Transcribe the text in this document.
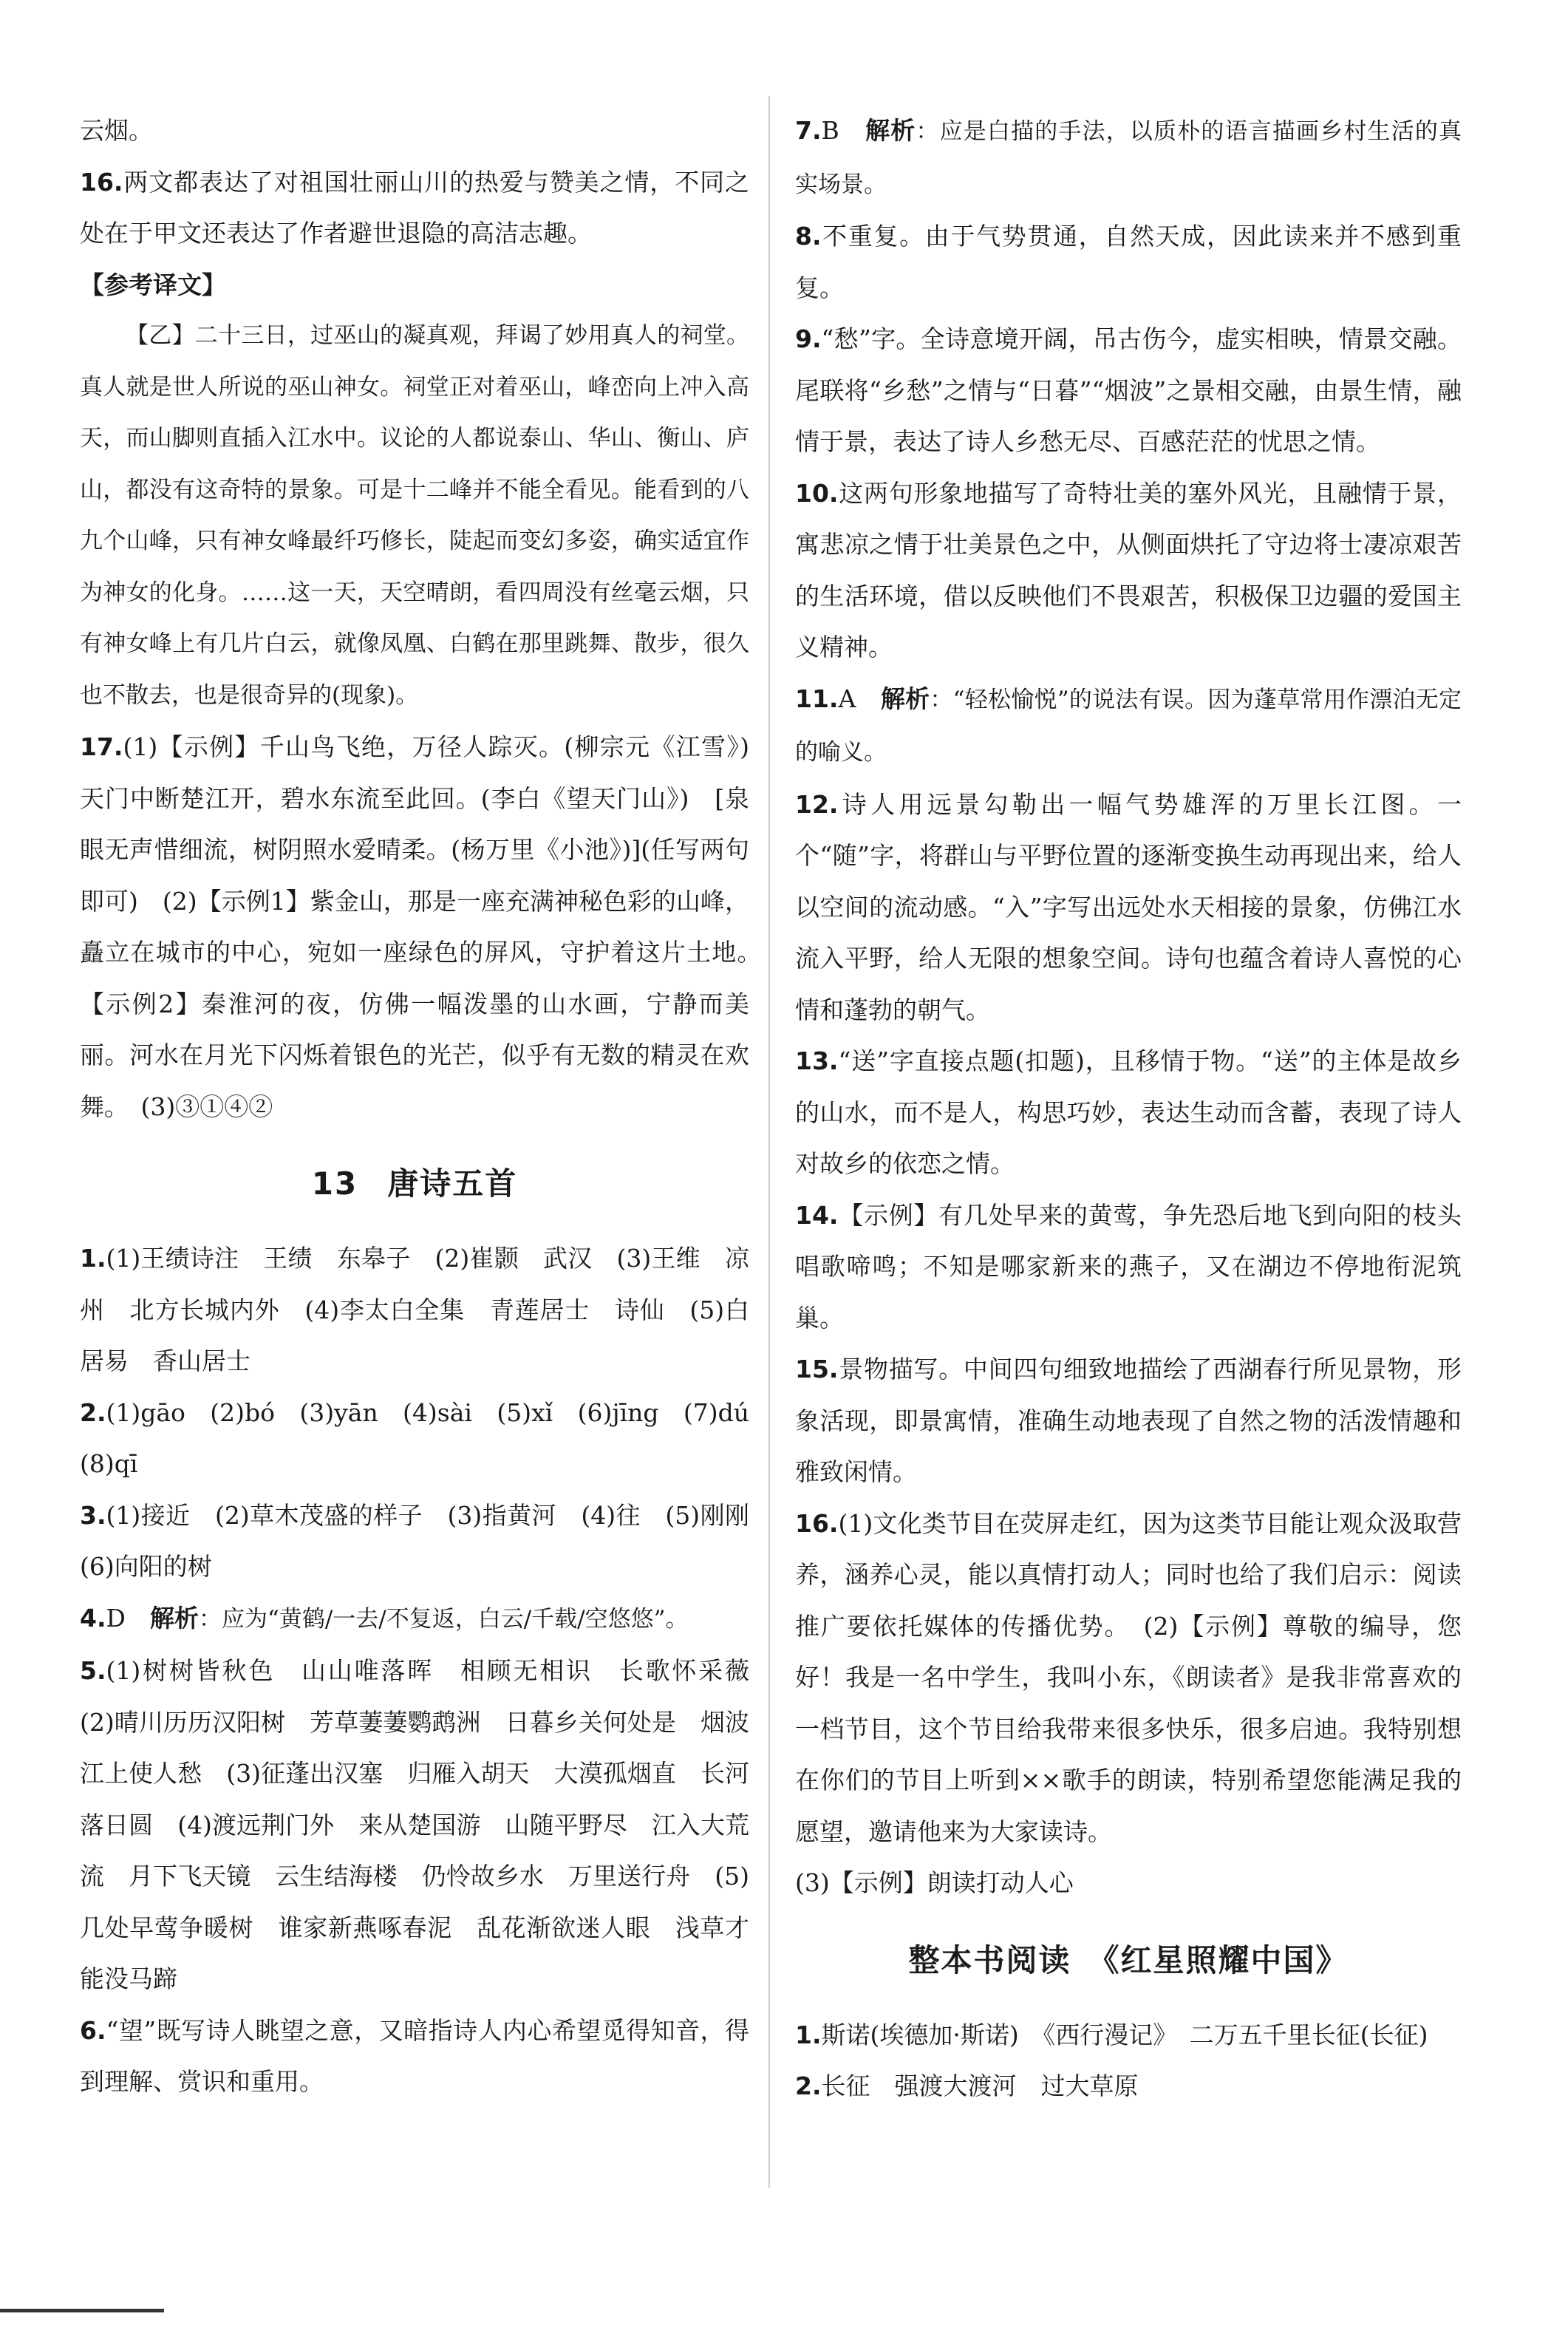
云烟。

16.两文都表达了对祖国壮丽山川的热爱与赞美之情，不同之处在于甲文还表达了作者避世退隐的高洁志趣。

【参考译文】

【乙】二十三日，过巫山的凝真观，拜谒了妙用真人的祠堂。真人就是世人所说的巫山神女。祠堂正对着巫山，峰峦向上冲入高天，而山脚则直插入江水中。议论的人都说泰山、华山、衡山、庐山，都没有这奇特的景象。可是十二峰并不能全看见。能看到的八九个山峰，只有神女峰最纤巧修长，陡起而变幻多姿，确实适宜作为神女的化身。……这一天，天空晴朗，看四周没有丝毫云烟，只有神女峰上有几片白云，就像凤凰、白鹤在那里跳舞、散步，很久也不散去，也是很奇异的(现象)。

17.(1)【示例】千山鸟飞绝，万径人踪灭。(柳宗元《江雪》)　天门中断楚江开，碧水东流至此回。(李白《望天门山》)　[泉眼无声惜细流，树阴照水爱晴柔。(杨万里《小池》)](任写两句即可)　(2)【示例1】紫金山，那是一座充满神秘色彩的山峰，矗立在城市的中心，宛如一座绿色的屏风，守护着这片土地。　【示例2】秦淮河的夜，仿佛一幅泼墨的山水画，宁静而美丽。河水在月光下闪烁着银色的光芒，似乎有无数的精灵在欢舞。　(3)③①④②

13 唐诗五首

1.(1)王绩诗注　王绩　东皋子　(2)崔颢　武汉　(3)王维　凉州　北方长城内外　(4)李太白全集　青莲居士　诗仙　(5)白居易　香山居士

2.(1)gāo　(2)bó　(3)yān　(4)sài　(5)xǐ　(6)jīng　(7)dú　(8)qī

3.(1)接近　(2)草木茂盛的样子　(3)指黄河　(4)往　(5)刚刚　(6)向阳的树

4.D　 解析：应为“黄鹤/一去/不复返，白云/千载/空悠悠”。

5.(1)树树皆秋色　山山唯落晖　相顾无相识　长歌怀采薇　(2)晴川历历汉阳树　芳草萋萋鹦鹉洲　日暮乡关何处是　烟波江上使人愁　(3)征蓬出汉塞　归雁入胡天　大漠孤烟直　长河落日圆　(4)渡远荆门外　来从楚国游　山随平野尽　江入大荒流　月下飞天镜　云生结海楼　仍怜故乡水　万里送行舟　(5)几处早莺争暖树　谁家新燕啄春泥　乱花渐欲迷人眼　浅草才能没马蹄

6.“望”既写诗人眺望之意，又暗指诗人内心希望觅得知音，得到理解、赏识和重用。

7.B　 解析：应是白描的手法，以质朴的语言描画乡村生活的真实场景。

8.不重复。由于气势贯通，自然天成，因此读来并不感到重复。

9.“愁”字。全诗意境开阔，吊古伤今，虚实相映，情景交融。尾联将“乡愁”之情与“日暮”“烟波”之景相交融，由景生情，融情于景，表达了诗人乡愁无尽、百感茫茫的忧思之情。

10.这两句形象地描写了奇特壮美的塞外风光，且融情于景，寓悲凉之情于壮美景色之中，从侧面烘托了守边将士凄凉艰苦的生活环境，借以反映他们不畏艰苦，积极保卫边疆的爱国主义精神。

11.A　 解析：“轻松愉悦”的说法有误。因为蓬草常用作漂泊无定的喻义。

12.诗人用远景勾勒出一幅气势雄浑的万里长江图。一个“随”字，将群山与平野位置的逐渐变换生动再现出来，给人以空间的流动感。“入”字写出远处水天相接的景象，仿佛江水流入平野，给人无限的想象空间。诗句也蕴含着诗人喜悦的心情和蓬勃的朝气。

13.“送”字直接点题(扣题)，且移情于物。“送”的主体是故乡的山水，而不是人，构思巧妙，表达生动而含蓄，表现了诗人对故乡的依恋之情。

14.【示例】有几处早来的黄莺，争先恐后地飞到向阳的枝头唱歌啼鸣；不知是哪家新来的燕子，又在湖边不停地衔泥筑巢。

15.景物描写。中间四句细致地描绘了西湖春行所见景物，形象活现，即景寓情，准确生动地表现了自然之物的活泼情趣和雅致闲情。

16.(1)文化类节目在荧屏走红，因为这类节目能让观众汲取营养，涵养心灵，能以真情打动人；同时也给了我们启示：阅读推广要依托媒体的传播优势。　(2)【示例】尊敬的编导，您好！我是一名中学生，我叫小东，《朗读者》是我非常喜欢的一档节目，这个节目给我带来很多快乐，很多启迪。我特别想在你们的节目上听到××歌手的朗读，特别希望您能满足我的愿望，邀请他来为大家读诗。

(3)【示例】朗读打动人心

整本书阅读　《红星照耀中国》

1.斯诺(埃德加·斯诺)　《西行漫记》　二万五千里长征(长征)

2.长征　强渡大渡河　过大草原
